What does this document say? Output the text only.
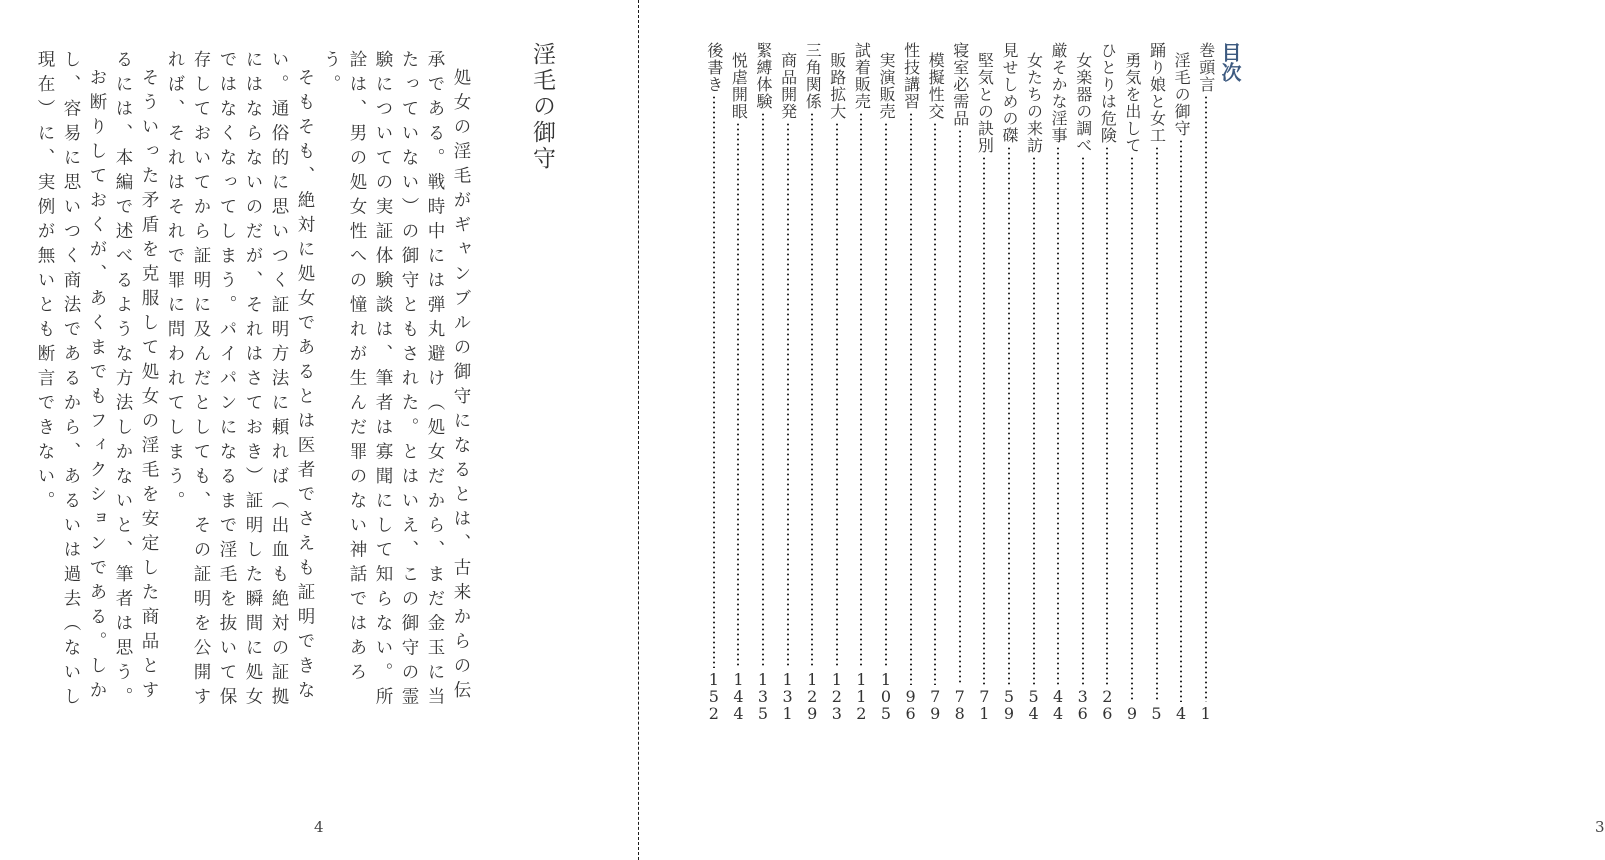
淫毛の御守

処女の淫毛がギャンブルの御守になるとは、古来からの伝承である。戦時中には弾丸避け（処女だから、まだ金玉に当たっていない）の御守ともされた。とはいえ、この御守の霊験についての実証体験談は、筆者は寡聞にして知らない。所詮は、男の処女性への憧れが生んだ罪のない神話ではあろう。

そもそも、絶対に処女であるとは医者でさえも証明できない。通俗的に思いつく証明方法に頼れば（出血も絶対の証拠にはならないのだが、それはさておき）証明した瞬間に処女ではなくなってしまう。パイパンになるまで淫毛を抜いて保存しておいてから証明に及んだとしても、その証明を公開すれば、それはそれで罪に問われてしまう。

そういった矛盾を克服して処女の淫毛を安定した商品とするには、本編で述べるような方法しかないと、筆者は思う。

お断りしておくが、あくまでもフィクションである。しかし、容易に思いつく商法であるから、あるいは過去（ないし現在）に、実例が無いとも断言できない。

4
目次
巻頭言
1
淫毛の御守
4
踊り娘と女工
5
勇気を出して
9
ひとりは危険
2
6
女楽器の調べ
3
6
厳そかな淫事
4
4
女たちの来訪
5
4
見せしめの磔
5
9
堅気との訣別
7
1
寝室必需品
7
8
模擬性交
7
9
性技講習
9
6
実演販売
1
0
5
試着販売
1
1
2
販路拡大
1
2
3
三角関係
1
2
9
商品開発
1
3
1
緊縛体験
1
3
5
悦虐開眼
1
4
4
後書き
1
5
2
3
